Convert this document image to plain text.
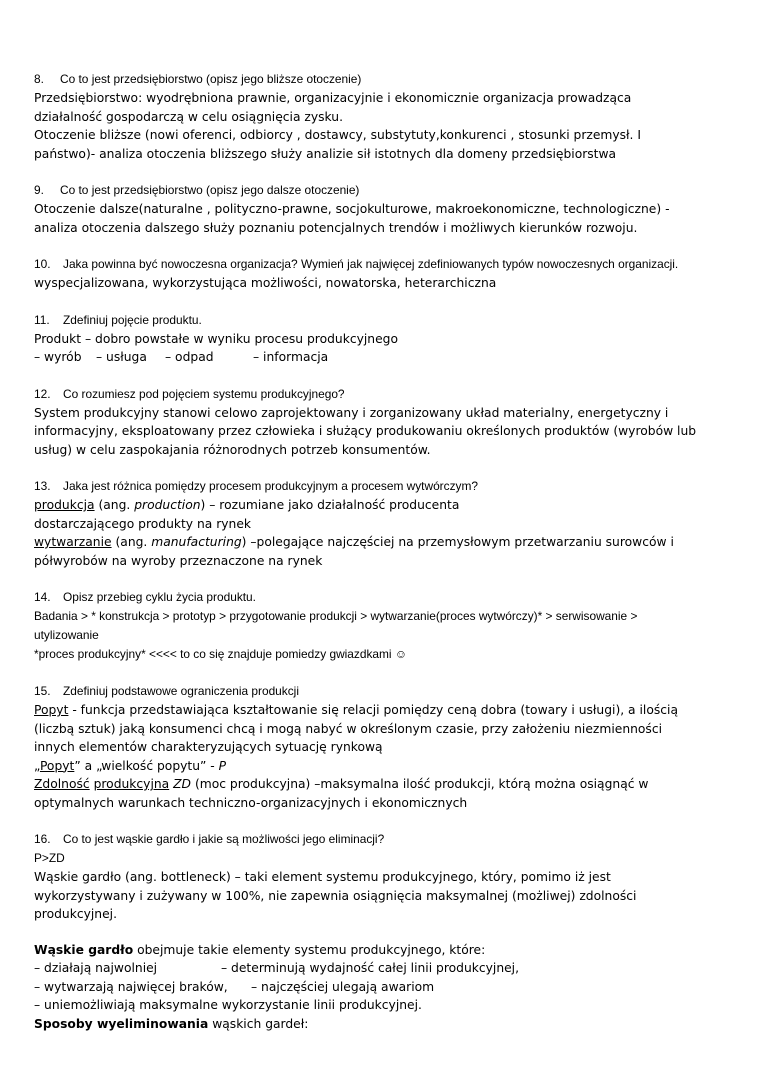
8. Co to jest przedsiębiorstwo (opisz jego bliższe otoczenie)
Przedsiębiorstwo: wyodrębniona prawnie, organizacyjnie i ekonomicznie organizacja prowadząca
działalność gospodarczą w celu osiągnięcia zysku.
Otoczenie bliższe (nowi oferenci, odbiorcy , dostawcy, substytuty,konkurenci , stosunki przemysł. I
państwo)- analiza otoczenia bliższego służy analizie sił istotnych dla domeny przedsiębiorstwa
9. Co to jest przedsiębiorstwo (opisz jego dalsze otoczenie)
Otoczenie dalsze(naturalne , polityczno-prawne, socjokulturowe, makroekonomiczne, technologiczne) -
analiza otoczenia dalszego służy poznaniu potencjalnych trendów i możliwych kierunków rozwoju.
10. Jaka powinna być nowoczesna organizacja? Wymień jak najwięcej zdefiniowanych typów nowoczesnych organizacji.
wyspecjalizowana, wykorzystująca możliwości, nowatorska, heterarchiczna
11. Zdefiniuj pojęcie produktu.
Produkt – dobro powstałe w wyniku procesu produkcyjnego
– wyrób – usługa – odpad	– informacja
12. Co rozumiesz pod pojęciem systemu produkcyjnego?
System produkcyjny stanowi celowo zaprojektowany i zorganizowany układ materialny, energetyczny i
informacyjny, eksploatowany przez człowieka i służący produkowaniu określonych produktów (wyrobów lub
usług) w celu zaspokajania różnorodnych potrzeb konsumentów.
13. Jaka jest różnica pomiędzy procesem produkcyjnym a procesem wytwórczym?
produkcja (ang. production) – rozumiane jako działalność producenta
dostarczającego produkty na rynek
wytwarzanie (ang. manufacturing) –polegające najczęściej na przemysłowym przetwarzaniu surowców i
półwyrobów na wyroby przeznaczone na rynek
14. Opisz przebieg cyklu życia produktu.
Badania > * konstrukcja > prototyp > przygotowanie produkcji > wytwarzanie(proces wytwórczy)* > serwisowanie >
utylizowanie
*proces produkcyjny* <<<< to co się znajduje pomiedzy gwiazdkami ☺
15. Zdefiniuj podstawowe ograniczenia produkcji
Popyt - funkcja przedstawiająca kształtowanie się relacji pomiędzy ceną dobra (towary i usługi), a ilością
(liczbą sztuk) jaką konsumenci chcą i mogą nabyć w określonym czasie, przy założeniu niezmienności
innych elementów charakteryzujących sytuację rynkową
„Popyt” a „wielkość popytu” - P
Zdolność produkcyjna ZD (moc produkcyjna) –maksymalna ilość produkcji, którą można osiągnąć w
optymalnych warunkach techniczno-organizacyjnych i ekonomicznych
16. Co to jest wąskie gardło i jakie są możliwości jego eliminacji?
P>ZD
Wąskie gardło (ang. bottleneck) – taki element systemu produkcyjnego, który, pomimo iż jest
wykorzystywany i zużywany w 100%, nie zapewnia osiągnięcia maksymalnej (możliwej) zdolności
produkcyjnej.
Wąskie gardło obejmuje takie elementy systemu produkcyjnego, które:
– działają najwolniej	– determinują wydajność całej linii produkcyjnej,
– wytwarzają najwięcej braków, – najczęściej ulegają awariom
– uniemożliwiają maksymalne wykorzystanie linii produkcyjnej.
Sposoby wyeliminowania wąskich gardeł:
